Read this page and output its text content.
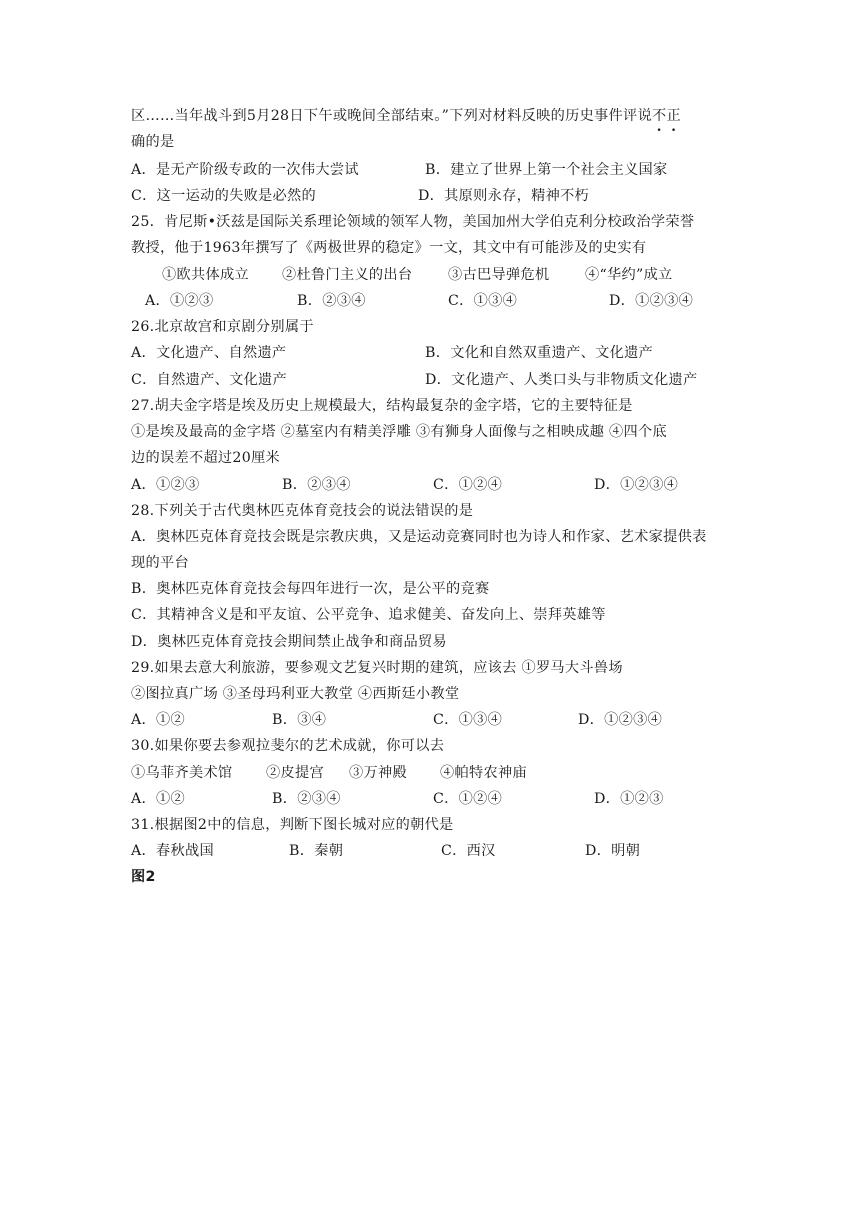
区……当年战斗到5月28日下午或晚间全部结束。”下列对材料反映的历史事件评说不正
确的是
A．是无产阶级专政的一次伟大尝试	B．建立了世界上第一个社会主义国家
C．这一运动的失败是必然的	D．其原则永存，精神不朽
25．肯尼斯•沃兹是国际关系理论领域的领军人物，美国加州大学伯克利分校政治学荣誉
教授，他于1963年撰写了《两极世界的稳定》一文，其文中有可能涉及的史实有
①欧共体成立 ②杜鲁门主义的出台	③古巴导弹危机	④“华约”成立
A．①②③	B．②③④	C．①③④	D．①②③④
26.北京故宫和京剧分别属于
A．文化遗产、自然遗产	B．文化和自然双重遗产、文化遗产
C．自然遗产、文化遗产	D．文化遗产、人类口头与非物质文化遗产
27.胡夫金字塔是埃及历史上规模最大，结构最复杂的金字塔，它的主要特征是
①是埃及最高的金字塔 ②墓室内有精美浮雕 ③有狮身人面像与之相映成趣 ④四个底
边的误差不超过20厘米
A．①②③	B．②③④	C．①②④	D．①②③④
28.下列关于古代奥林匹克体育竞技会的说法错误的是
A．奥林匹克体育竞技会既是宗教庆典，又是运动竞赛同时也为诗人和作家、艺术家提供表
现的平台
B．奥林匹克体育竞技会每四年进行一次，是公平的竞赛
C．其精神含义是和平友谊、公平竞争、追求健美、奋发向上、崇拜英雄等
D．奥林匹克体育竞技会期间禁止战争和商品贸易
29.如果去意大利旅游，要参观文艺复兴时期的建筑，应该去 ①罗马大斗兽场
②图拉真广场 ③圣母玛利亚大教堂 ④西斯廷小教堂
A．①②	B．③④	C．①③④	D．①②③④
30.如果你要去参观拉斐尔的艺术成就，你可以去
①乌菲齐美术馆 ②皮提宫 ③万神殿 ④帕特农神庙
A．①②	B．②③④	C．①②④	D．①②③
31.根据图2中的信息，判断下图长城对应的朝代是
A．春秋战国	B．秦朝	C．西汉	D．明朝
图2
